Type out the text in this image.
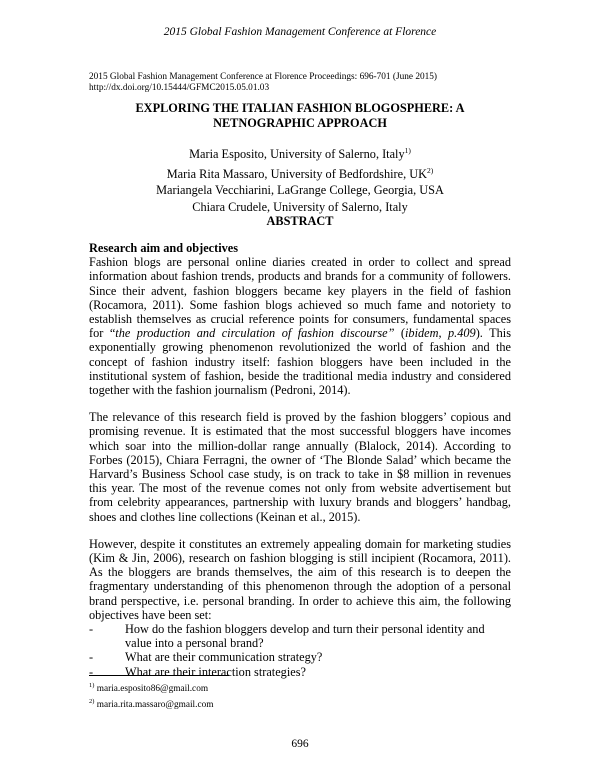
2015 Global Fashion Management Conference at Florence
2015 Global Fashion Management Conference at Florence Proceedings: 696-701 (June 2015)
http://dx.doi.org/10.15444/GFMC2015.05.01.03
EXPLORING THE ITALIAN FASHION BLOGOSPHERE: A NETNOGRAPHIC APPROACH
Maria Esposito, University of Salerno, Italy$^{1)}$
Maria Rita Massaro, University of Bedfordshire, UK$^{2)}$
Mariangela Vecchiarini, LaGrange College, Georgia, USA
Chiara Crudele, University of Salerno, Italy
ABSTRACT
Research aim and objectives

Fashion blogs are personal online diaries created in order to collect and spread information about fashion trends, products and brands for a community of followers. Since their advent, fashion bloggers became key players in the field of fashion (Rocamora, 2011). Some fashion blogs achieved so much fame and notoriety to establish themselves as crucial reference points for consumers, fundamental spaces for “the production and circulation of fashion discourse” (ibidem, p.409). This exponentially growing phenomenon revolutionized the world of fashion and the concept of fashion industry itself: fashion bloggers have been included in the institutional system of fashion, beside the traditional media industry and considered together with the fashion journalism (Pedroni, 2014).

The relevance of this research field is proved by the fashion bloggers’ copious and promising revenue. It is estimated that the most successful bloggers have incomes which soar into the million-dollar range annually (Blalock, 2014). According to Forbes (2015), Chiara Ferragni, the owner of ‘The Blonde Salad’ which became the Harvard’s Business School case study, is on track to take in $8 million in revenues this year. The most of the revenue comes not only from website advertisement but from celebrity appearances, partnership with luxury brands and bloggers’ handbag, shoes and clothes line collections (Keinan et al., 2015).

However, despite it constitutes an extremely appealing domain for marketing studies (Kim & Jin, 2006), research on fashion blogging is still incipient (Rocamora, 2011). As the bloggers are brands themselves, the aim of this research is to deepen the fragmentary understanding of this phenomenon through the adoption of a personal brand perspective, i.e. personal branding. In order to achieve this aim, the following objectives have been set:

-	How do the fashion bloggers develop and turn their personal identity and value into a personal brand?
-	What are their communication strategy?
-	What are their interaction strategies?
$^{1)}$ maria.esposito86@gmail.com
$^{2)}$ maria.rita.massaro@gmail.com
696
